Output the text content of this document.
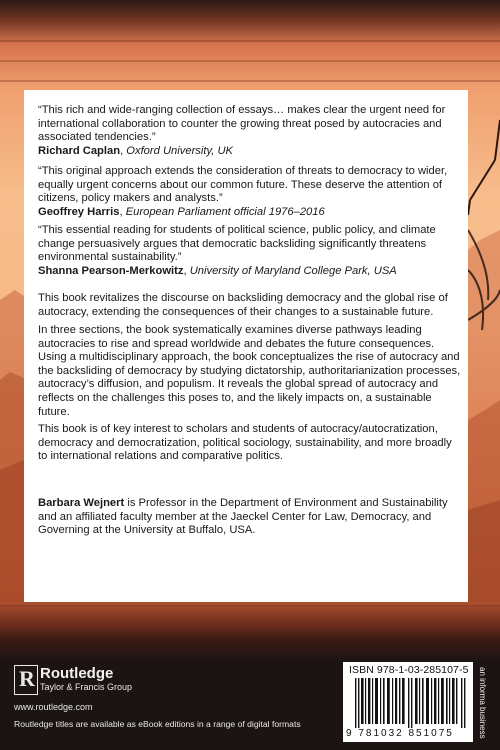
“This rich and wide-ranging collection of essays… makes clear the urgent need for international collaboration to counter the growing threat posed by autocracies and associated tendencies.”
Richard Caplan, Oxford University, UK
“This original approach extends the consideration of threats to democracy to wider, equally urgent concerns about our common future. These deserve the attention of citizens, policy makers and analysts.”
Geoffrey Harris, European Parliament official 1976–2016
“This essential reading for students of political science, public policy, and climate change persuasively argues that democratic backsliding significantly threatens environmental sustainability.”
Shanna Pearson-Merkowitz, University of Maryland College Park, USA

This book revitalizes the discourse on backsliding democracy and the global rise of autocracy, extending the consequences of their changes to a sustainable future.

In three sections, the book systematically examines diverse pathways leading autocracies to rise and spread worldwide and debates the future consequences. Using a multidisciplinary approach, the book conceptualizes the rise of autocracy and the backsliding of democracy by studying dictatorship, authoritarianization processes, autocracy’s diffusion, and populism. It reveals the global spread of autocracy and reflects on the challenges this poses to, and the likely impacts on, a sustainable future.

This book is of key interest to scholars and students of autocracy/autocratization, democracy and democratization, political sociology, sustainability, and more broadly to international relations and comparative politics.

Barbara Wejnert is Professor in the Department of Environment and Sustainability and an affiliated faculty member at the Jaeckel Center for Law, Democracy, and Governing at the University at Buffalo, USA.

R Routledge
Taylor & Francis Group
www.routledge.com
Routledge titles are available as eBook editions in a range of digital formats
ISBN 978-1-03-285107-5
9 781032 851075	an informa business
